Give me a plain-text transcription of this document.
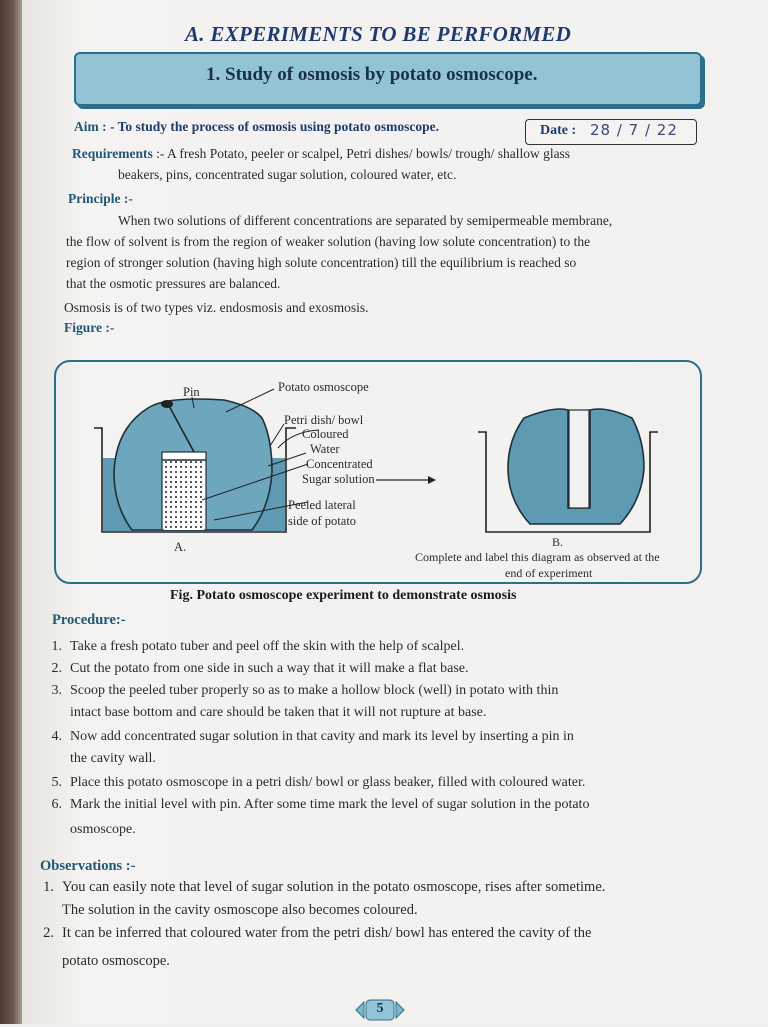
A. EXPERIMENTS TO BE PERFORMED
1. Study of osmosis by potato osmoscope.
Aim : - To study the process of osmosis using potato osmoscope.	Date : 28 / 7 / 22
Requirements :- A fresh Potato, peeler or scalpel, Petri dishes/ bowls/ trough/ shallow glass
beakers, pins, concentrated sugar solution, coloured water, etc.
Principle :-
When two solutions of different concentrations are separated by semipermeable membrane,
the flow of solvent is from the region of weaker solution (having low solute concentration) to the
region of stronger solution (having high solute concentration) till the equilibrium is reached so
that the osmotic pressures are balanced.
Osmosis is of two types viz. endosmosis and exosmosis.
Figure :-
Pin	Potato osmoscope
Petri dish/ bowl
Coloured
Water
Concentrated
Sugar solution
Peeled lateral
side of potato
A.	B.
Complete and label this diagram as observed at the
end of experiment
Fig. Potato osmoscope experiment to demonstrate osmosis
Procedure:-
1. Take a fresh potato tuber and peel off the skin with the help of scalpel.
2. Cut the potato from one side in such a way that it will make a flat base.
3. Scoop the peeled tuber properly so as to make a hollow block (well) in potato with thin
intact base bottom and care should be taken that it will not rupture at base.
4. Now add concentrated sugar solution in that cavity and mark its level by inserting a pin in
the cavity wall.
5. Place this potato osmoscope in a petri dish/ bowl or glass beaker, filled with coloured water.
6. Mark the initial level with pin. After some time mark the level of sugar solution in the potato
osmoscope.
Observations :-
1. You can easily note that level of sugar solution in the potato osmoscope, rises after sometime.
The solution in the cavity osmoscope also becomes coloured.
2. It can be inferred that coloured water from the petri dish/ bowl has entered the cavity of the
potato osmoscope.
5
